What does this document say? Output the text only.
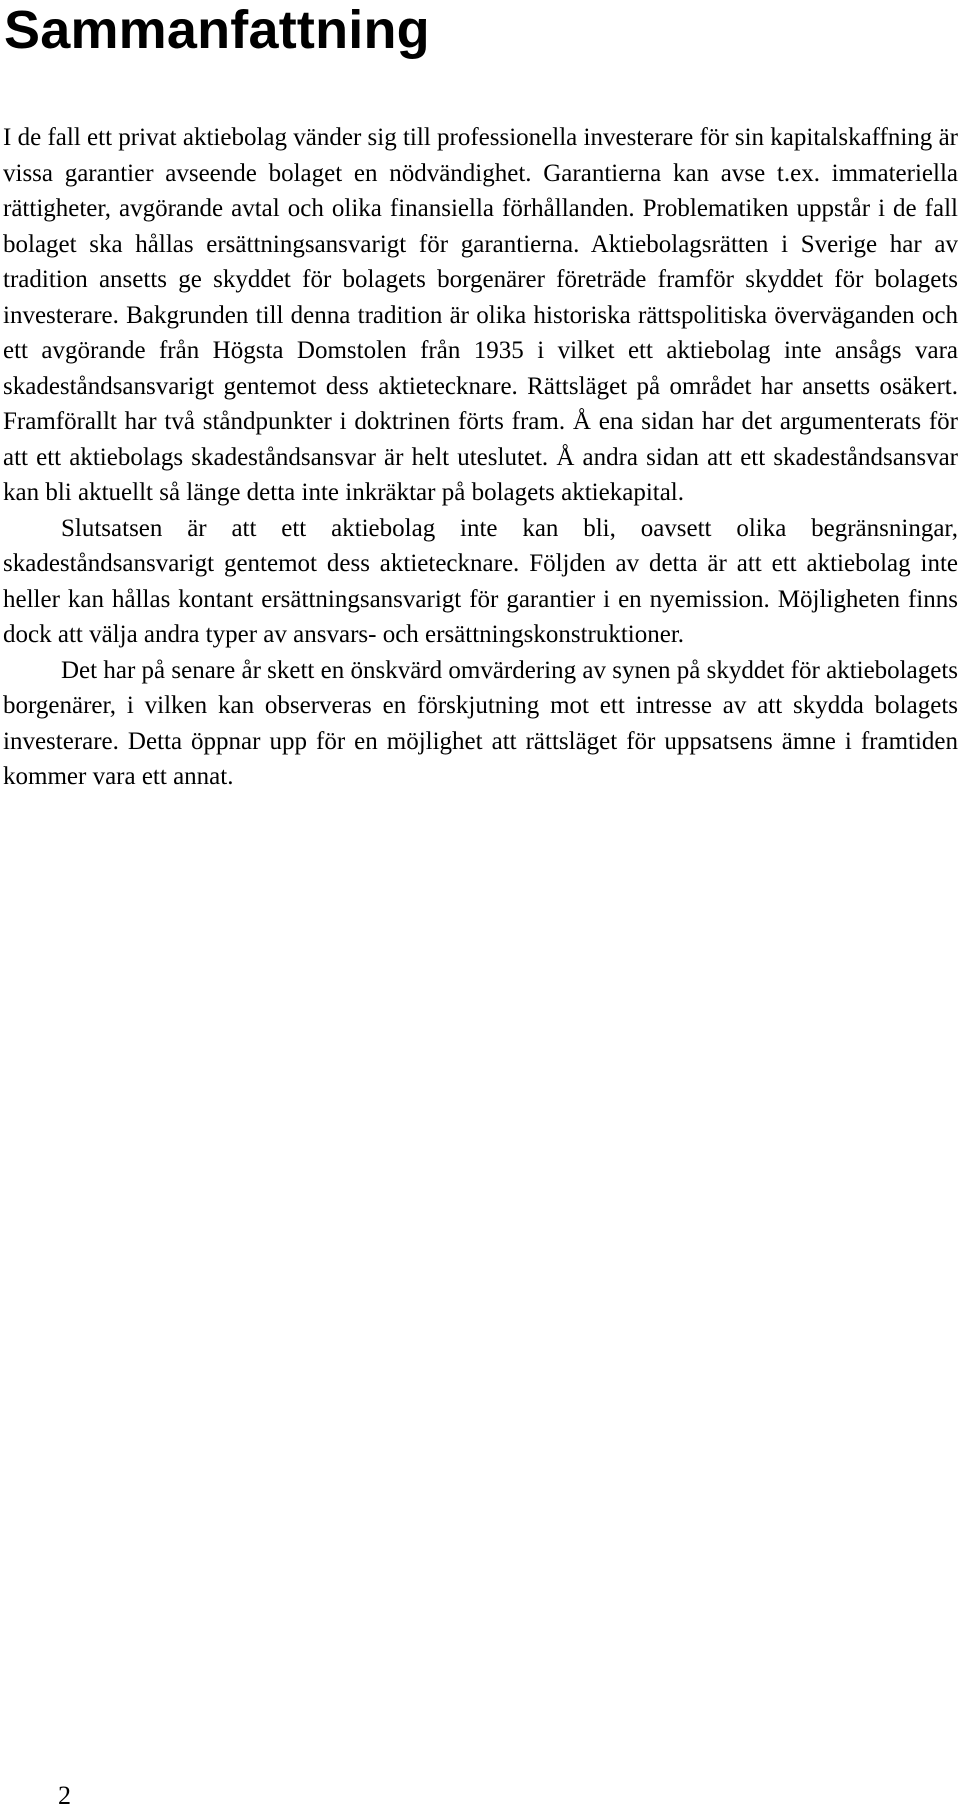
Sammanfattning

I de fall ett privat aktiebolag vänder sig till professionella investerare för sin kapitalskaffning är vissa garantier avseende bolaget en nödvändighet. Garantierna kan avse t.ex. immateriella rättigheter, avgörande avtal och olika finansiella förhållanden. Problematiken uppstår i de fall bolaget ska hållas ersättningsansvarigt för garantierna. Aktiebolagsrätten i Sverige har av tradition ansetts ge skyddet för bolagets borgenärer företräde framför skyddet för bolagets investerare. Bakgrunden till denna tradition är olika historiska rättspolitiska överväganden och ett avgörande från Högsta Domstolen från 1935 i vilket ett aktiebolag inte ansågs vara skadeståndsansvarigt gentemot dess aktietecknare. Rättsläget på området har ansetts osäkert. Framförallt har två ståndpunkter i doktrinen förts fram. Å ena sidan har det argumenterats för att ett aktiebolags skadeståndsansvar är helt uteslutet. Å andra sidan att ett skadeståndsansvar kan bli aktuellt så länge detta inte inkräktar på bolagets aktiekapital.

Slutsatsen är att ett aktiebolag inte kan bli, oavsett olika begränsningar, skadeståndsansvarigt gentemot dess aktietecknare. Följden av detta är att ett aktiebolag inte heller kan hållas kontant ersättningsansvarigt för garantier i en nyemission. Möjligheten finns dock att välja andra typer av ansvars- och ersättningskonstruktioner.

Det har på senare år skett en önskvärd omvärdering av synen på skyddet för aktiebolagets borgenärer, i vilken kan observeras en förskjutning mot ett intresse av att skydda bolagets investerare. Detta öppnar upp för en möjlighet att rättsläget för uppsatsens ämne i framtiden kommer vara ett annat.

2
